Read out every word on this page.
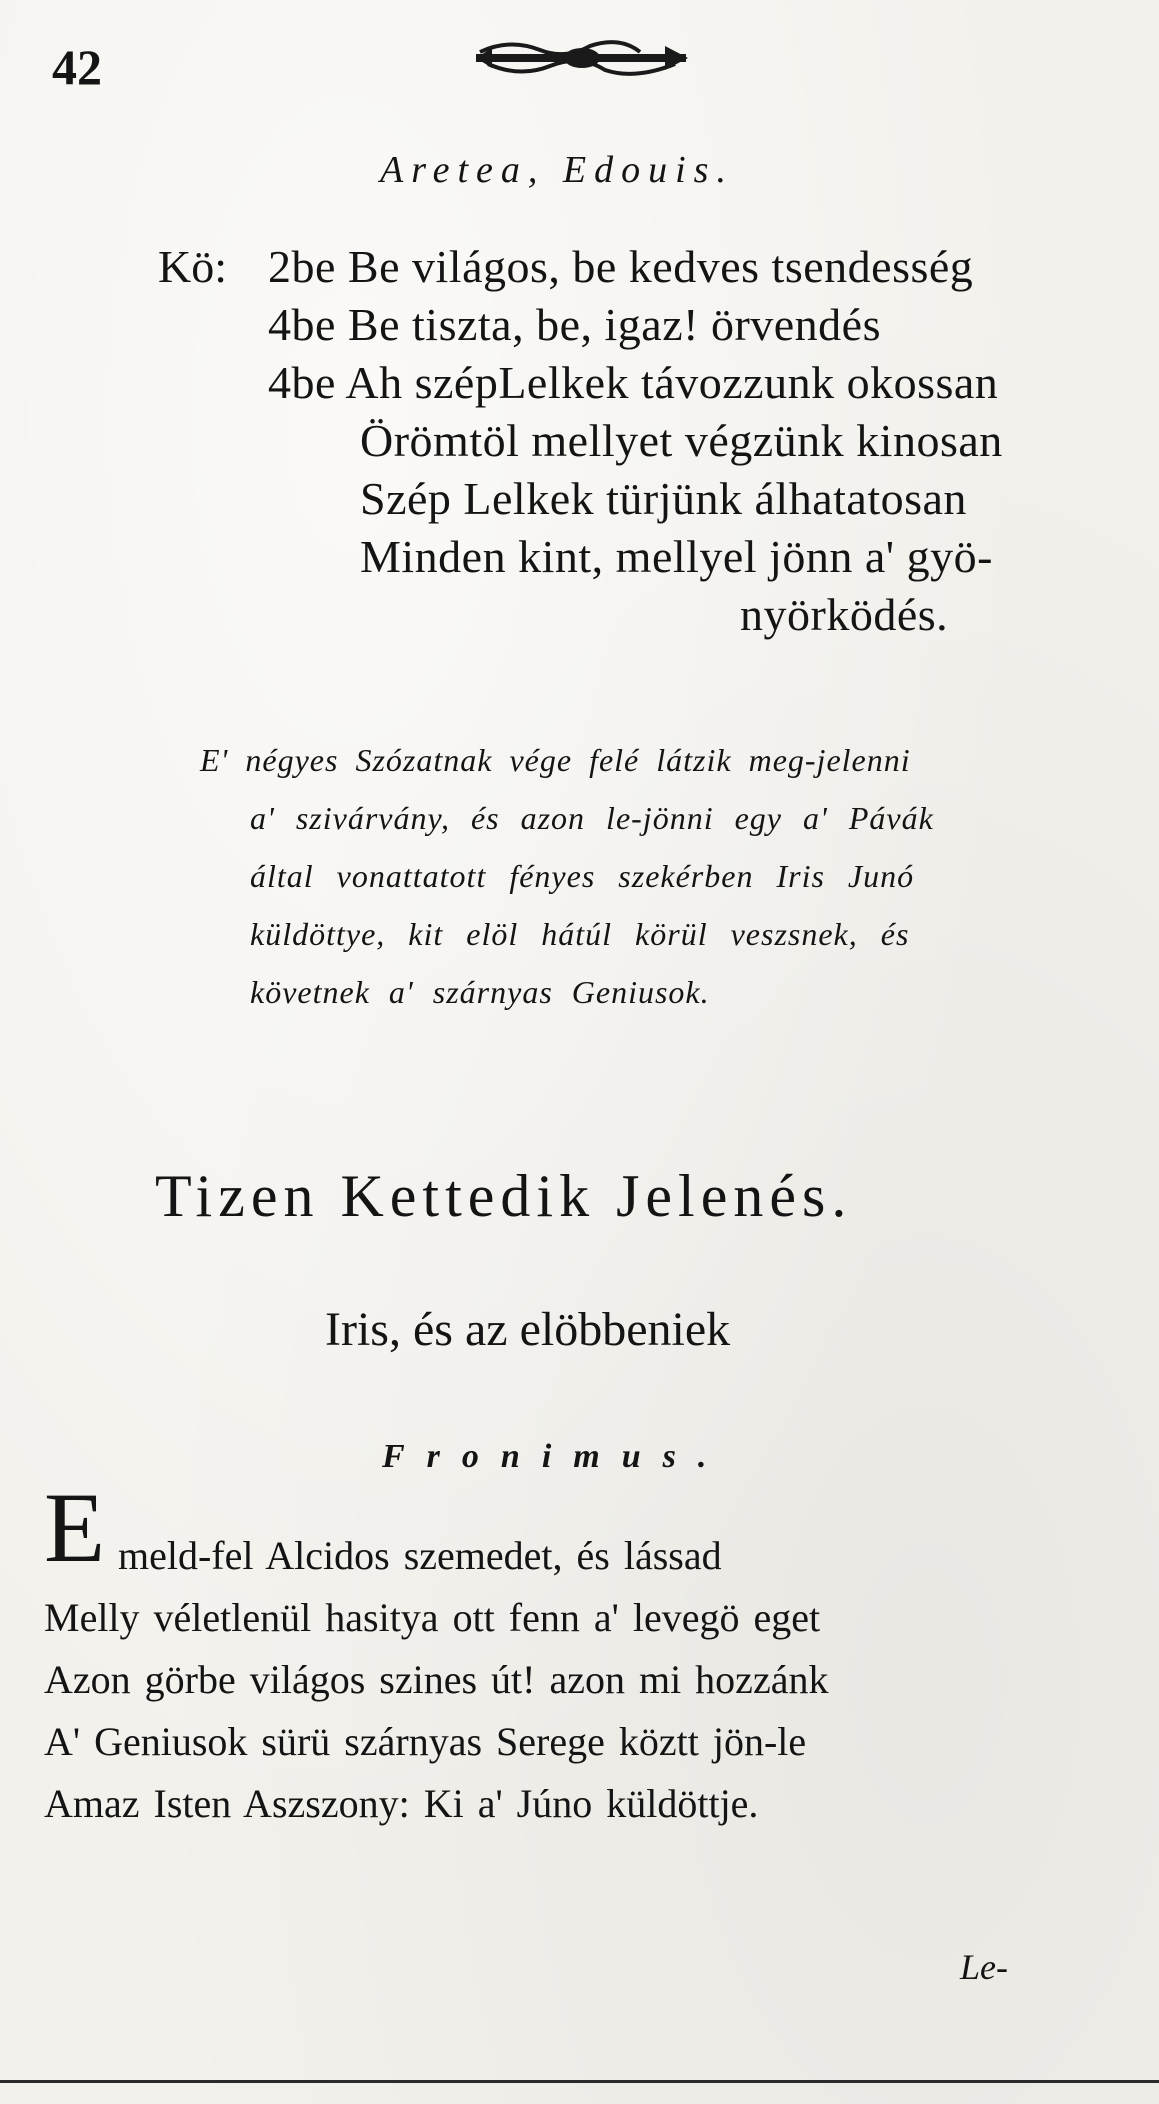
42
Aretea, Edouis.
Kö: 2be Be világos, be kedves tsendesség
4be Be tiszta, be, igaz! örvendés
4be Ah szépLelkek távozzunk okossan
Örömtöl mellyet végzünk kinosan
Szép Lelkek türjünk álhatatosan
Minden kint, mellyel jönn a' gyö-
nyörködés.
E' négyes Szózatnak vége felé látzik meg-jelenni
a' szivárvány, és azon le-jönni egy a' Pávák
által vonattatott fényes szekérben Iris Junó
küldöttye, kit elöl hátúl körül veszsnek, és
követnek a' szárnyas Geniusok.
Tizen Kettedik Jelenés.
Iris, és az elöbbeniek
Fronimus.
E meld-fel Alcidos szemedet, és lássad
Melly véletlenül hasitya ott fenn a' levegö eget
Azon görbe világos szines út! azon mi hozzánk
A' Geniusok sürü szárnyas Serege köztt jön-le
Amaz Isten Aszszony: Ki a' Júno küldöttje.
Le-
